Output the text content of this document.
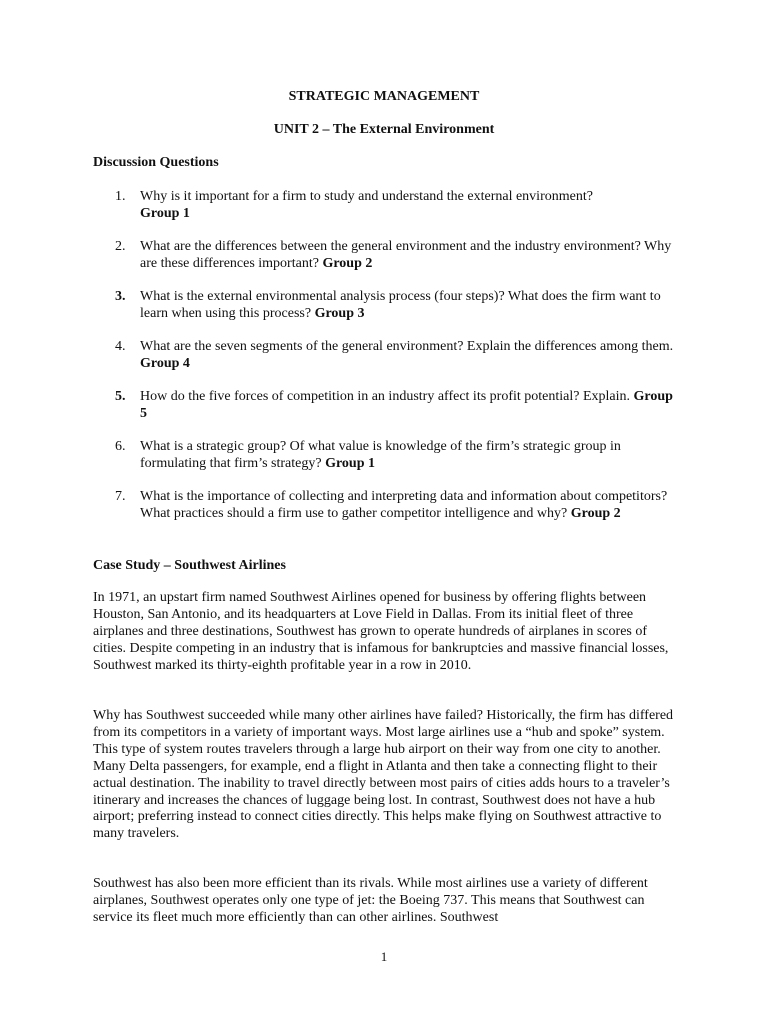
STRATEGIC MANAGEMENT
UNIT 2 – The External Environment
Discussion Questions
1. Why is it important for a firm to study and understand the external environment?
Group 1
2. What are the differences between the general environment and the industry environment? Why are these differences important? Group 2
3. What is the external environmental analysis process (four steps)? What does the firm want to learn when using this process? Group 3
4. What are the seven segments of the general environment? Explain the differences among them. Group 4
5. How do the five forces of competition in an industry affect its profit potential? Explain. Group 5
6. What is a strategic group? Of what value is knowledge of the firm’s strategic group in formulating that firm’s strategy? Group 1
7. What is the importance of collecting and interpreting data and information about competitors? What practices should a firm use to gather competitor intelligence and why? Group 2
Case Study – Southwest Airlines

In 1971, an upstart firm named Southwest Airlines opened for business by offering flights between Houston, San Antonio, and its headquarters at Love Field in Dallas. From its initial fleet of three airplanes and three destinations, Southwest has grown to operate hundreds of airplanes in scores of cities. Despite competing in an industry that is infamous for bankruptcies and massive financial losses, Southwest marked its thirty-eighth profitable year in a row in 2010.

Why has Southwest succeeded while many other airlines have failed? Historically, the firm has differed from its competitors in a variety of important ways. Most large airlines use a “hub and spoke” system. This type of system routes travelers through a large hub airport on their way from one city to another. Many Delta passengers, for example, end a flight in Atlanta and then take a connecting flight to their actual destination. The inability to travel directly between most pairs of cities adds hours to a traveler’s itinerary and increases the chances of luggage being lost. In contrast, Southwest does not have a hub airport; preferring instead to connect cities directly. This helps make flying on Southwest attractive to many travelers.

Southwest has also been more efficient than its rivals. While most airlines use a variety of different airplanes, Southwest operates only one type of jet: the Boeing 737. This means that Southwest can service its fleet much more efficiently than can other airlines. Southwest

1
